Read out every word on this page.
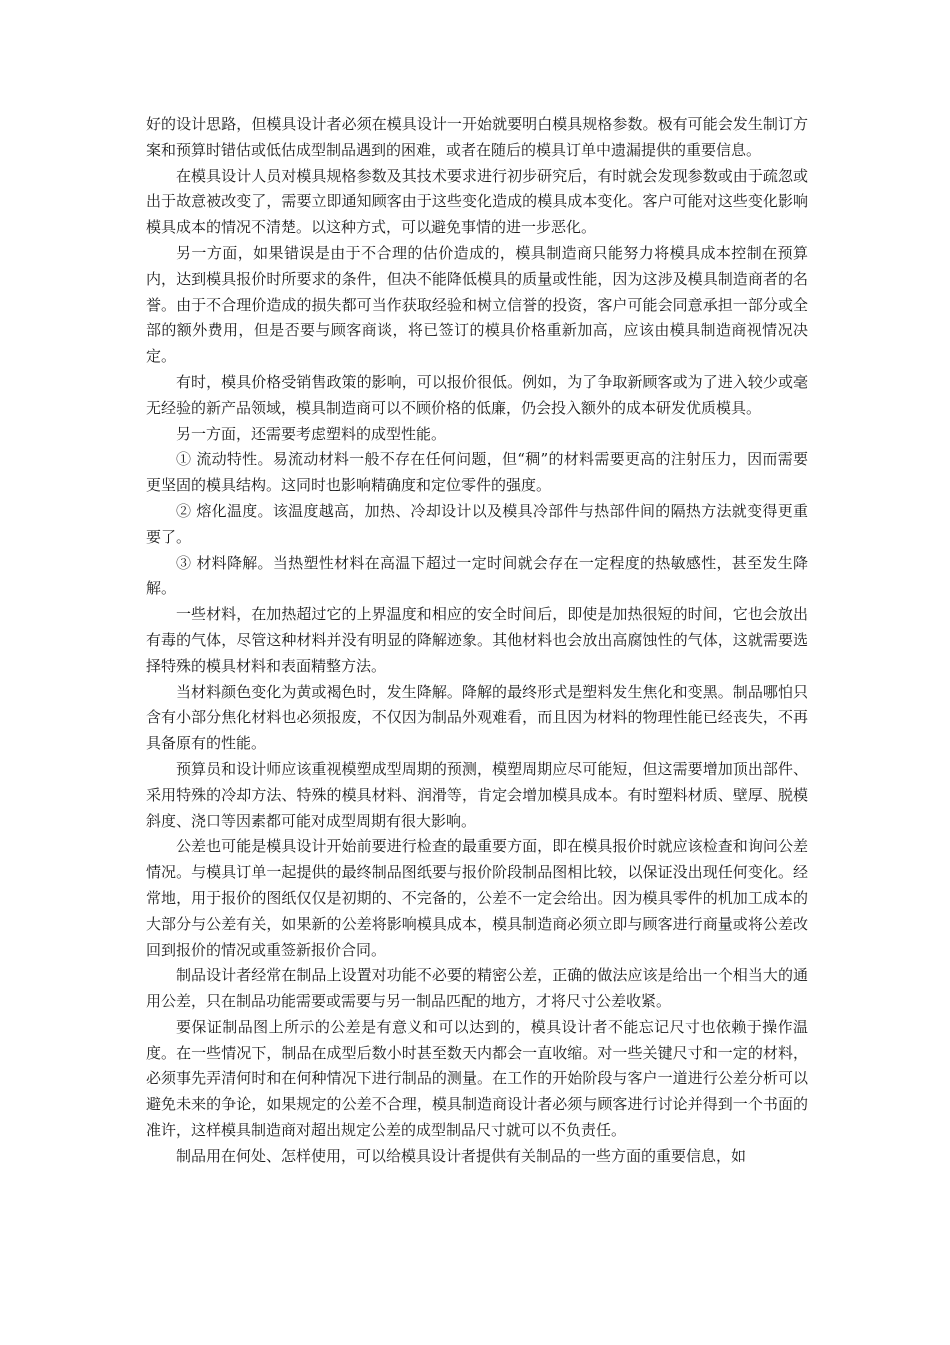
好的设计思路，但模具设计者必须在模具设计一开始就要明白模具规格参数。极有可能会发生制订方案和预算时错估或低估成型制品遇到的困难，或者在随后的模具订单中遗漏提供的重要信息。

在模具设计人员对模具规格参数及其技术要求进行初步研究后，有时就会发现参数或由于疏忽或出于故意被改变了，需要立即通知顾客由于这些变化造成的模具成本变化。客户可能对这些变化影响模具成本的情况不清楚。以这种方式，可以避免事情的进一步恶化。

另一方面，如果错误是由于不合理的估价造成的，模具制造商只能努力将模具成本控制在预算内，达到模具报价时所要求的条件，但决不能降低模具的质量或性能，因为这涉及模具制造商者的名誉。由于不合理价造成的损失都可当作获取经验和树立信誉的投资，客户可能会同意承担一部分或全部的额外费用，但是否要与顾客商谈，将已签订的模具价格重新加高，应该由模具制造商视情况决定。

有时，模具价格受销售政策的影响，可以报价很低。例如，为了争取新顾客或为了进入较少或毫无经验的新产品领域，模具制造商可以不顾价格的低廉，仍会投入额外的成本研发优质模具。

另一方面，还需要考虑塑料的成型性能。

① 流动特性。易流动材料一般不存在任何问题，但“稠”的材料需要更高的注射压力，因而需要更坚固的模具结构。这同时也影响精确度和定位零件的强度。

② 熔化温度。该温度越高，加热、冷却设计以及模具冷部件与热部件间的隔热方法就变得更重要了。

③ 材料降解。当热塑性材料在高温下超过一定时间就会存在一定程度的热敏感性，甚至发生降解。

一些材料，在加热超过它的上界温度和相应的安全时间后，即使是加热很短的时间，它也会放出有毒的气体，尽管这种材料并没有明显的降解迹象。其他材料也会放出高腐蚀性的气体，这就需要选择特殊的模具材料和表面精整方法。

当材料颜色变化为黄或褐色时，发生降解。降解的最终形式是塑料发生焦化和变黑。制品哪怕只含有小部分焦化材料也必须报废，不仅因为制品外观难看，而且因为材料的物理性能已经丧失，不再具备原有的性能。

预算员和设计师应该重视模塑成型周期的预测，模塑周期应尽可能短，但这需要增加顶出部件、采用特殊的冷却方法、特殊的模具材料、润滑等，肯定会增加模具成本。有时塑料材质、壁厚、脱模斜度、浇口等因素都可能对成型周期有很大影响。

公差也可能是模具设计开始前要进行检查的最重要方面，即在模具报价时就应该检查和询问公差情况。与模具订单一起提供的最终制品图纸要与报价阶段制品图相比较，以保证没出现任何变化。经常地，用于报价的图纸仅仅是初期的、不完备的，公差不一定会给出。因为模具零件的机加工成本的大部分与公差有关，如果新的公差将影响模具成本，模具制造商必须立即与顾客进行商量或将公差改回到报价的情况或重签新报价合同。

制品设计者经常在制品上设置对功能不必要的精密公差，正确的做法应该是给出一个相当大的通用公差，只在制品功能需要或需要与另一制品匹配的地方，才将尺寸公差收紧。

要保证制品图上所示的公差是有意义和可以达到的，模具设计者不能忘记尺寸也依赖于操作温度。在一些情况下，制品在成型后数小时甚至数天内都会一直收缩。对一些关键尺寸和一定的材料，必须事先弄清何时和在何种情况下进行制品的测量。在工作的开始阶段与客户一道进行公差分析可以避免未来的争论，如果规定的公差不合理，模具制造商设计者必须与顾客进行讨论并得到一个书面的准许，这样模具制造商对超出规定公差的成型制品尺寸就可以不负责任。

制品用在何处、怎样使用，可以给模具设计者提供有关制品的一些方面的重要信息，如
